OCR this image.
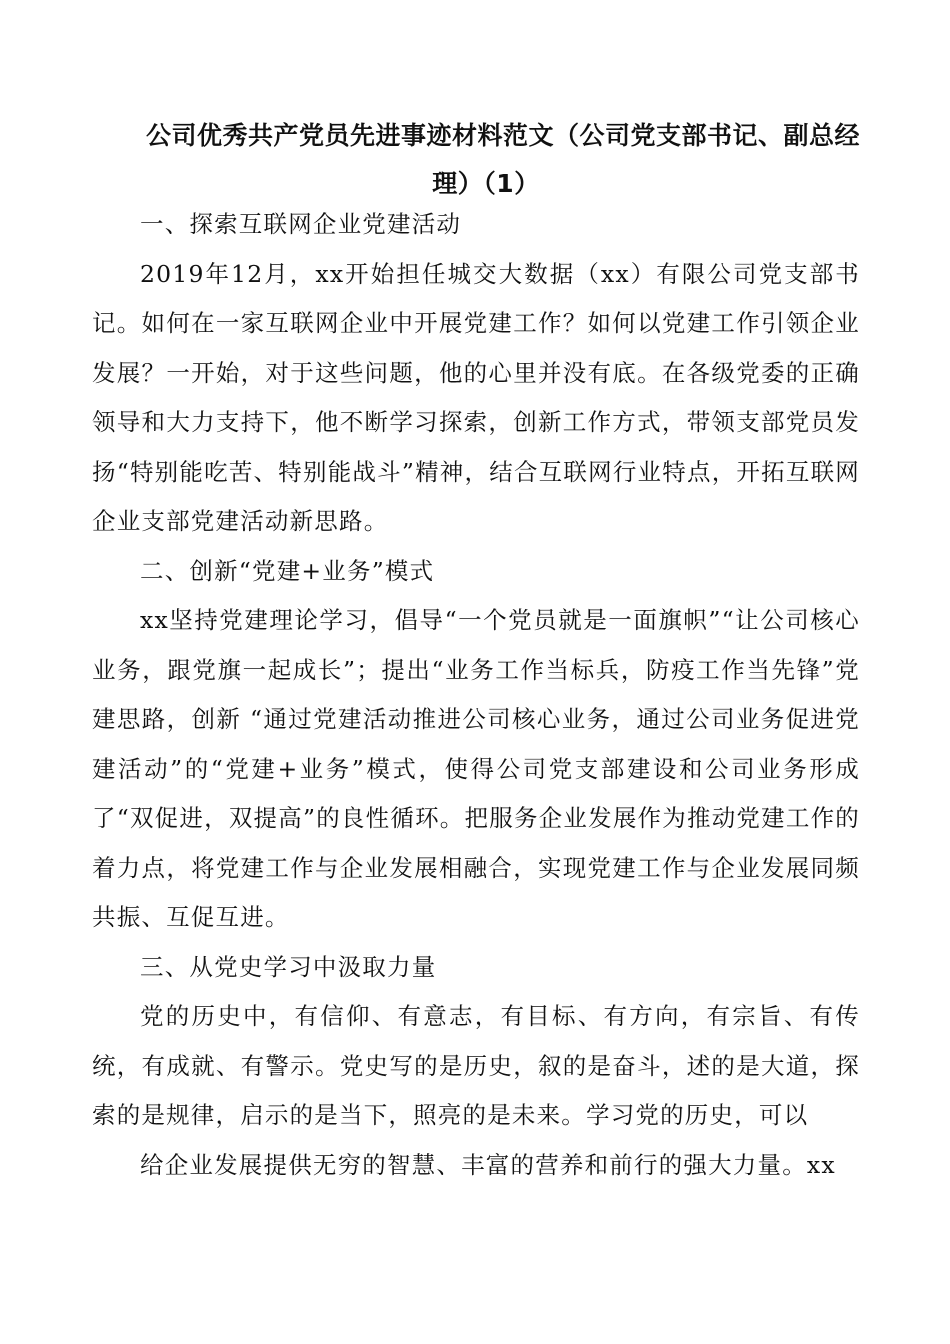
公司优秀共产党员先进事迹材料范文（公司党支部书记、副总经
理）（1）

一、探索互联网企业党建活动

2019年12月，xx开始担任城交大数据（xx）有限公司党支部书记。如何在一家互联网企业中开展党建工作？如何以党建工作引领企业发展？一开始，对于这些问题，他的心里并没有底。在各级党委的正确领导和大力支持下，他不断学习探索，创新工作方式，带领支部党员发扬“特别能吃苦、特别能战斗”精神，结合互联网行业特点，开拓互联网企业支部党建活动新思路。

二、创新“党建+业务”模式

xx坚持党建理论学习，倡导“一个党员就是一面旗帜”“让公司核心业务，跟党旗一起成长”；提出“业务工作当标兵，防疫工作当先锋”党建思路，创新 “通过党建活动推进公司核心业务，通过公司业务促进党建活动”的“党建+业务”模式，使得公司党支部建设和公司业务形成了“双促进，双提高”的良性循环。把服务企业发展作为推动党建工作的着力点，将党建工作与企业发展相融合，实现党建工作与企业发展同频共振、互促互进。

三、从党史学习中汲取力量

党的历史中，有信仰、有意志，有目标、有方向，有宗旨、有传统，有成就、有警示。党史写的是历史，叙的是奋斗，述的是大道，探索的是规律，启示的是当下，照亮的是未来。学习党的历史，可以

给企业发展提供无穷的智慧、丰富的营养和前行的强大力量。xx
